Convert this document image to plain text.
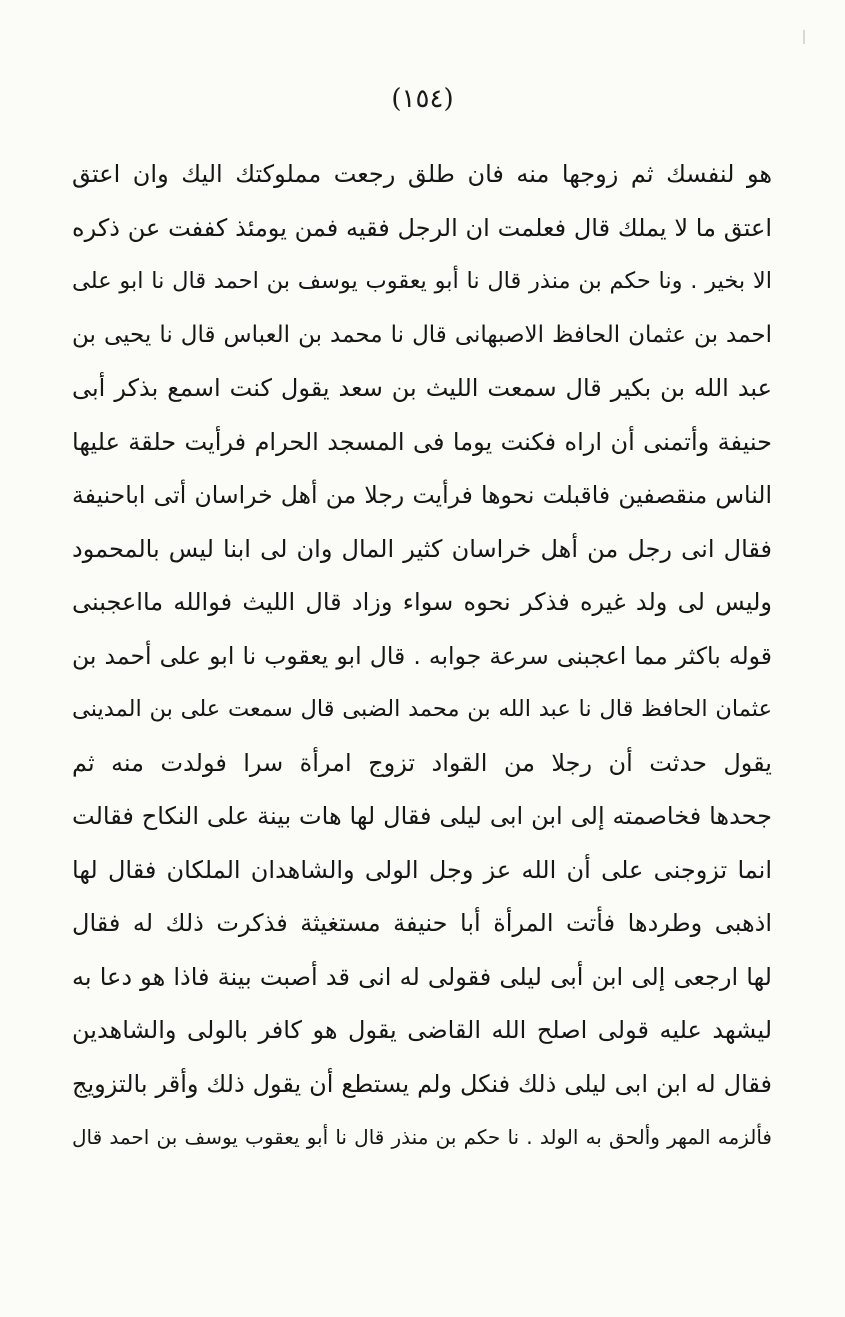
(١٥٤)
هو لنفسك ثم زوجها منه فان طلق رجعت مملوكتك اليك وان اعتق
اعتق ما لا يملك قال فعلمت ان الرجل فقيه فمن يومئذ كففت عن ذكره
الا بخير . ونا حكم بن منذر قال نا أبو يعقوب يوسف بن احمد قال نا ابو على
احمد بن عثمان الحافظ الاصبهانى قال نا محمد بن العباس قال نا يحيى بن
عبد الله بن بكير قال سمعت الليث بن سعد يقول كنت اسمع بذكر أبى
حنيفة وأتمنى أن اراه فكنت يوما فى المسجد الحرام فرأيت حلقة عليها
الناس منقصفين فاقبلت نحوها فرأيت رجلا من أهل خراسان أتى اباحنيفة
فقال انى رجل من أهل خراسان كثير المال وان لى ابنا ليس بالمحمود
وليس لى ولد غيره فذكر نحوه سواء وزاد قال الليث فوالله مااعجبنى
قوله باكثر مما اعجبنى سرعة جوابه . قال ابو يعقوب نا ابو على أحمد بن
عثمان الحافظ قال نا عبد الله بن محمد الضبى قال سمعت على بن المدينى
يقول حدثت أن رجلا من القواد تزوج امرأة سرا فولدت منه ثم
جحدها فخاصمته إلى ابن ابى ليلى فقال لها هات بينة على النكاح فقالت
انما تزوجنى على أن الله عز وجل الولى والشاهدان الملكان فقال لها
اذهبى وطردها فأتت المرأة أبا حنيفة مستغيثة فذكرت ذلك له فقال
لها ارجعى إلى ابن أبى ليلى فقولى له انى قد أصبت بينة فاذا هو دعا به
ليشهد عليه قولى اصلح الله القاضى يقول هو كافر بالولى والشاهدين
فقال له ابن ابى ليلى ذلك فنكل ولم يستطع أن يقول ذلك وأقر بالتزويج
فألزمه المهر وألحق به الولد . نا حكم بن منذر قال نا أبو يعقوب يوسف بن احمد قال
